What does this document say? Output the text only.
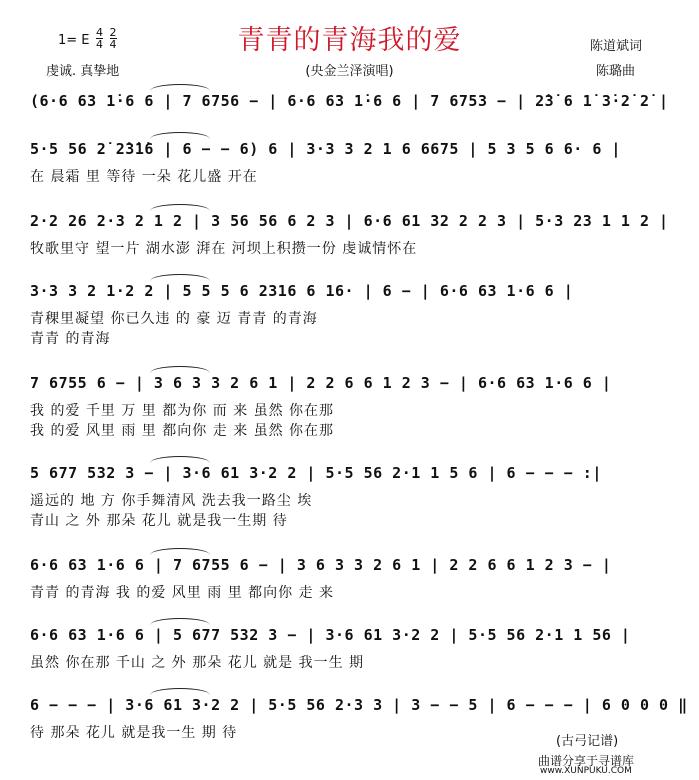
青青的青海我的爱
1= E $\frac{4}{4}$
$\frac{2}{4}$
虔诚. 真挚地	(央金兰泽演唱)
陈道斌词
陈璐曲
(6·6 63 1̇·6 6 | 7 6756 − | 6·6 63 1̇·6 6 | 7 6753 − | 2̇3̇ 6 1̇ 3̇·2̇ 2̇ |
5·5 56 2̇ 2̇3̇1̇6 | 6 − − 6) 6 | 3·3 3 2 1 6 6675 | 5 3 5 6 6· 6 |
在 晨霜 里 等待 一朵 花儿盛 开在
2·2 26 2·3 2 1 2 | 3 56 56 6 2 3 | 6·6 61 32 2 2 3 | 5·3 23 1 1 2 |
牧歌里守 望一片 湖水澎 湃在 河坝上积攒一份 虔诚情怀在
3·3 3 2 1·2 2 | 5 5 5 6 2316 6 16· | 6 − | 6·6 63 1·6 6 |
青稞里凝望 你已久违 的 豪 迈 青青 的青海
青青 的青海
7 6755 6 − | 3 6 3 3 2 6 1 | 2 2 6 6 1 2 3 − | 6·6 63 1·6 6 |
我 的爱 千里 万 里 都为你 而 来 虽然 你在那
我 的爱 风里 雨 里 都向你 走 来 虽然 你在那
5 677 532 3 − | 3·6 61 3·2 2 | 5·5 56 2·1 1 5 6 | 6 − − − :|
遥远的 地 方 你手舞清风 洗去我一路尘 埃
青山 之 外 那朵 花儿 就是我一生期 待
6·6 63 1·6 6 | 7 6755 6 − | 3 6 3 3 2 6 1 | 2 2 6 6 1 2 3 − |
青青 的青海 我 的爱 风里 雨 里 都向你 走 来
6·6 63 1·6 6 | 5 677 532 3 − | 3·6 61 3·2 2 | 5·5 56 2·1 1 56 |
虽然 你在那 千山 之 外 那朵 花儿 就是 我一生 期
6 − − − | 3·6 61 3·2 2 | 5·5 56 2·3 3 | 3 − − 5 | 6 − − − | 6 0 0 0 ‖
待 那朵 花儿 就是我一生 期 待
(古弓记谱)
曲谱分享于寻谱库
www.XUNPUKU.COM
